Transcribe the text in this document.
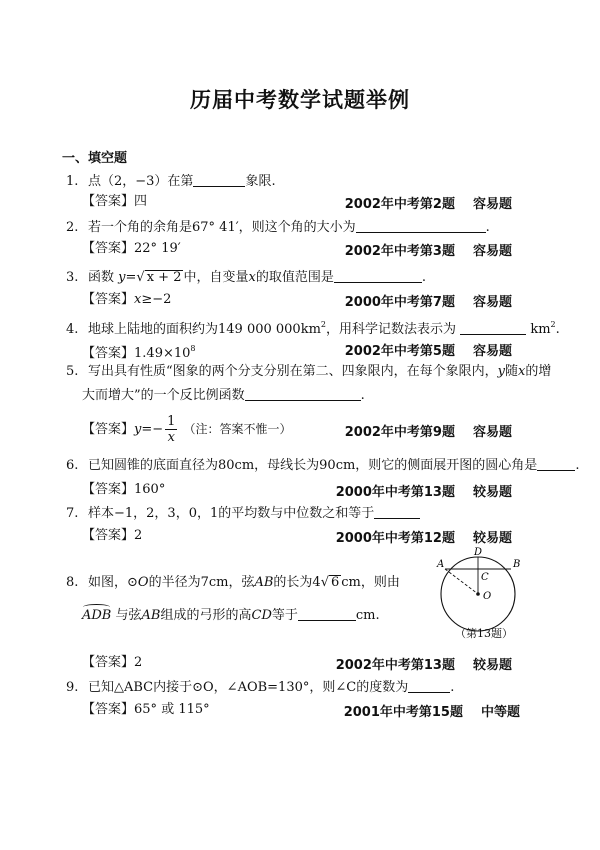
历届中考数学试题举例
一、填空题
1. 点（2，−3）在第	象限.
【答案】四	2002年中考第2题 容易题
2. 若一个角的余角是67° 41′，则这个角的大小为	.
【答案】22° 19′	2002年中考第3题 容易题
3. 函数 y=√ x + 2 中，自变量x的取值范围是	.
【答案】x≥−2	2000年中考第7题 容易题
4. 地球上陆地的面积约为149 000 $000km^2$，用科学记数法表示为	$km^2$.
【答案】$1.49\times 10^8$	2002年中考第5题 容易题
5. 写出具有性质“图象的两个分支分别在第二、四象限内，在每个象限内，y随x的增
大而增大”的一个反比例函数	.
【答案】$y=- \frac{1}{x}$ （注：答案不惟一）	2002年中考第9题 容易题
6. 已知圆锥的底面直径为80cm，母线长为90cm，则它的侧面展开图的圆心角是	.
【答案】160°	2000年中考第13题 较易题
7. 样本−1，2，3，0，1的平均数与中位数之和等于
【答案】2	2000年中考第12题 较易题
8. 如图，⊙O的半径为7cm，弦AB的长为4√ 6 cm，则由
ADB 与弦AB组成的弓形的高CD等于	cm.
【答案】2	2002年中考第13题 较易题
A	B
D
C
O
（第13题）
9. 已知△ABC内接于⊙O，∠AOB=130°，则∠C的度数为	.
【答案】65° 或 115°	2001年中考第15题 中等题
